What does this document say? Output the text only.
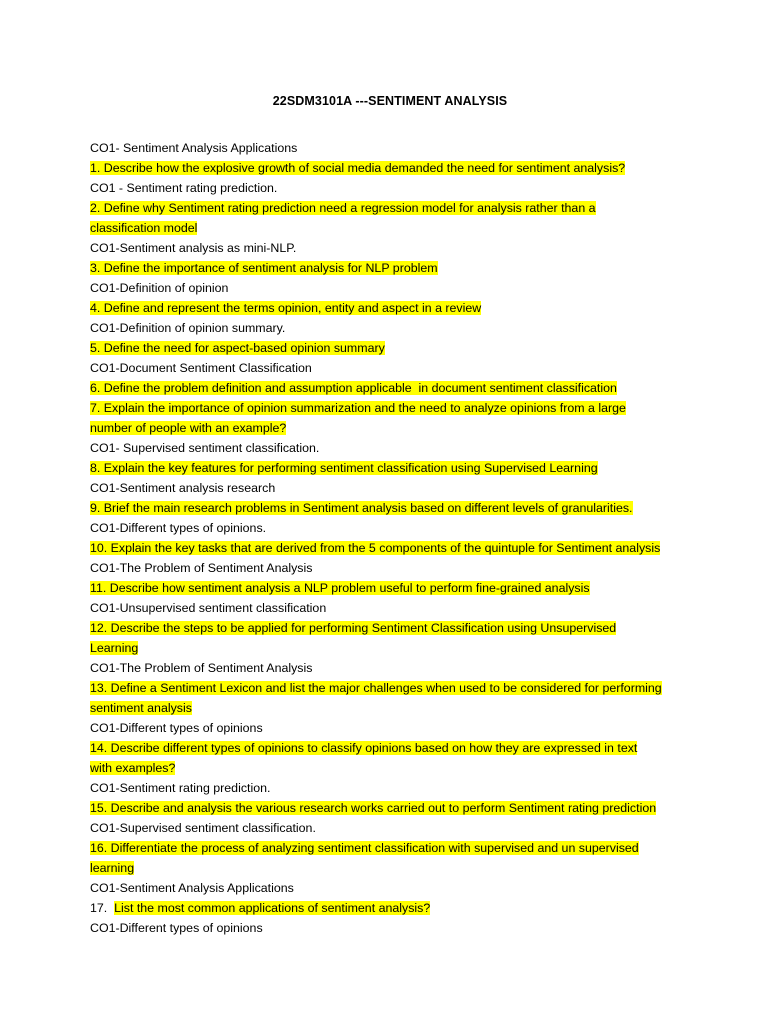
22SDM3101A ---SENTIMENT ANALYSIS
CO1- Sentiment Analysis Applications
1. Describe how the explosive growth of social media demanded the need for sentiment analysis?
CO1 - Sentiment rating prediction.
2. Define why Sentiment rating prediction need a regression model for analysis rather than a
classification model
CO1-Sentiment analysis as mini-NLP.
3. Define the importance of sentiment analysis for NLP problem
CO1-Definition of opinion
4. Define and represent the terms opinion, entity and aspect in a review
CO1-Definition of opinion summary.
5. Define the need for aspect-based opinion summary
CO1-Document Sentiment Classification
6. Define the problem definition and assumption applicable  in document sentiment classification
7. Explain the importance of opinion summarization and the need to analyze opinions from a large
number of people with an example?
CO1- Supervised sentiment classification.
8. Explain the key features for performing sentiment classification using Supervised Learning
CO1-Sentiment analysis research
9. Brief the main research problems in Sentiment analysis based on different levels of granularities.
CO1-Different types of opinions.
10. Explain the key tasks that are derived from the 5 components of the quintuple for Sentiment analysis
CO1-The Problem of Sentiment Analysis
11. Describe how sentiment analysis a NLP problem useful to perform fine-grained analysis
CO1-Unsupervised sentiment classification
12. Describe the steps to be applied for performing Sentiment Classification using Unsupervised
Learning
CO1-The Problem of Sentiment Analysis
13. Define a Sentiment Lexicon and list the major challenges when used to be considered for performing
sentiment analysis
CO1-Different types of opinions
14. Describe different types of opinions to classify opinions based on how they are expressed in text
with examples?
CO1-Sentiment rating prediction.
15. Describe and analysis the various research works carried out to perform Sentiment rating prediction
CO1-Supervised sentiment classification.
16. Differentiate the process of analyzing sentiment classification with supervised and un supervised
learning
CO1-Sentiment Analysis Applications
17.  List the most common applications of sentiment analysis?
CO1-Different types of opinions
